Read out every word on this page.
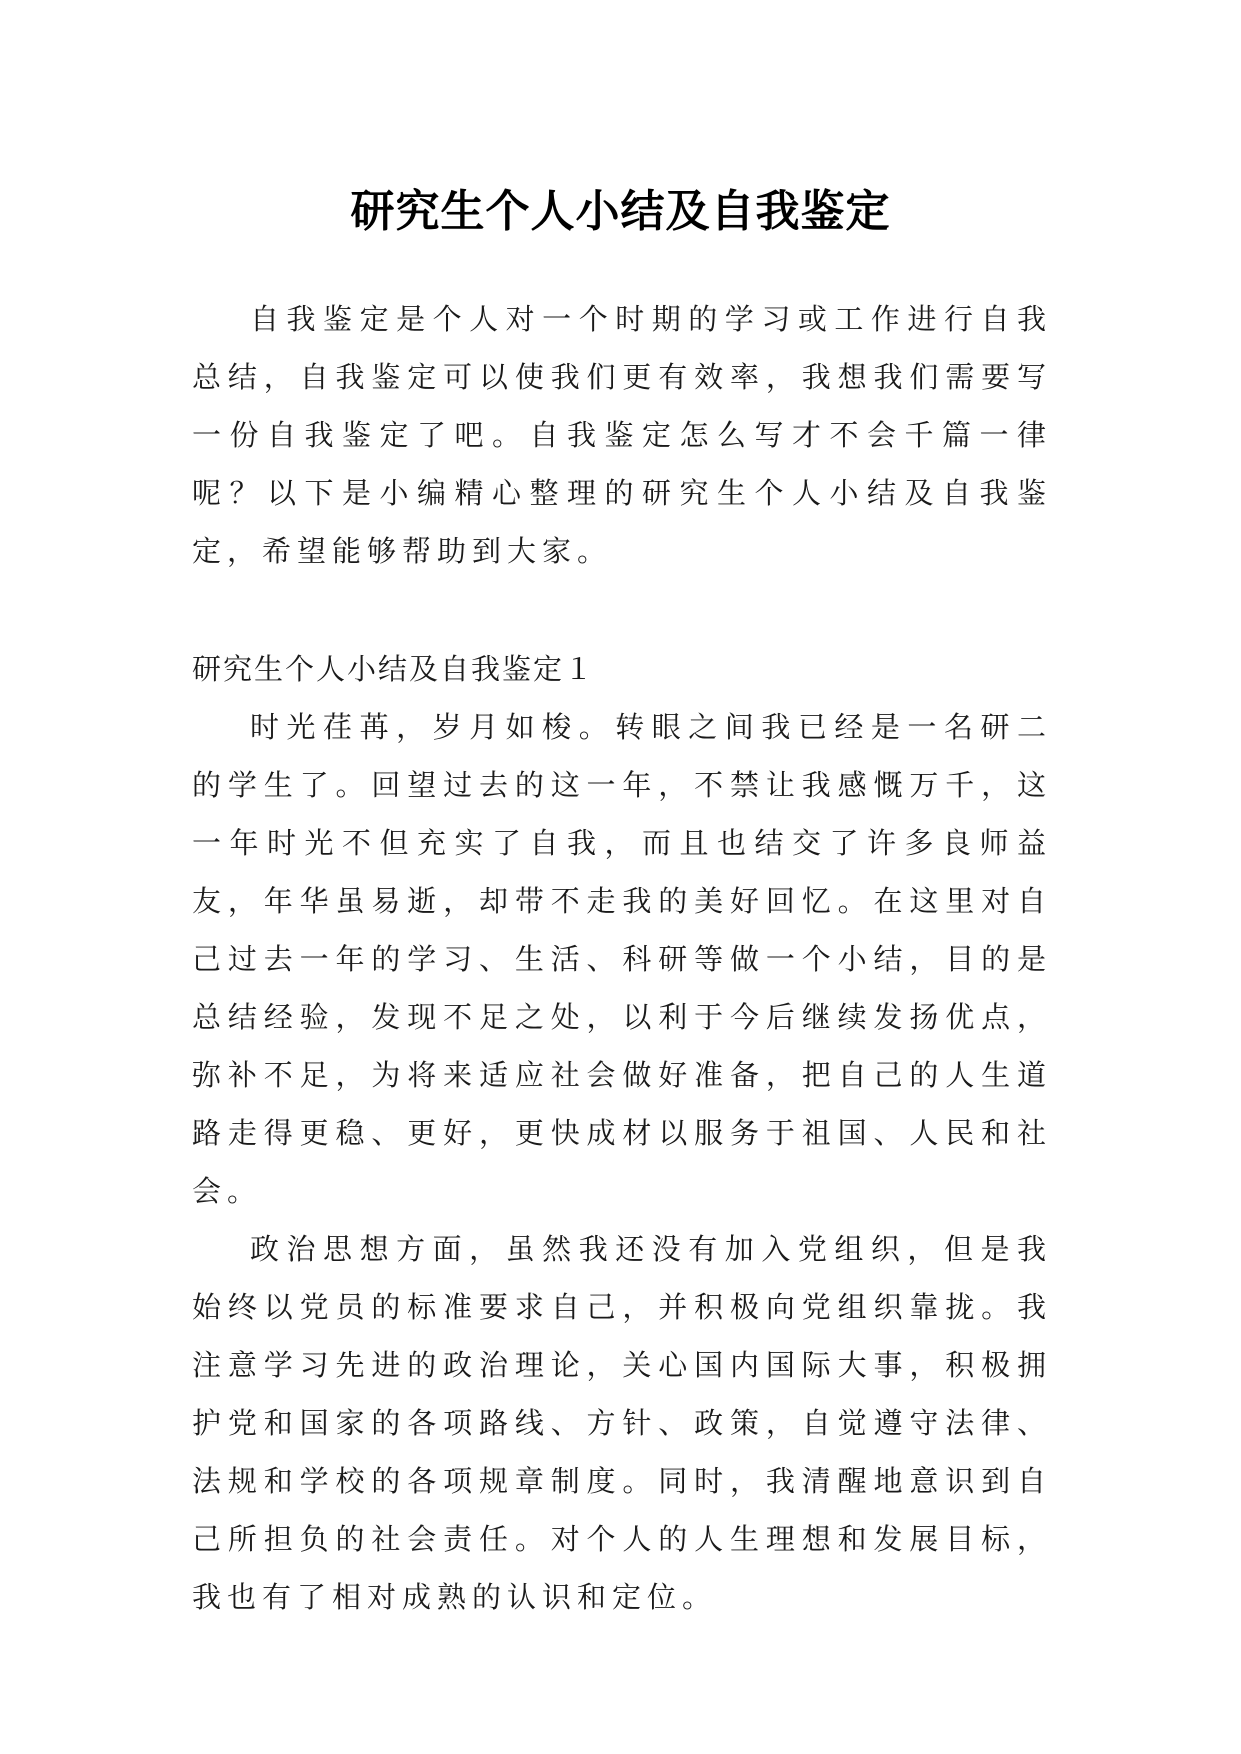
研究生个人小结及自我鉴定

自我鉴定是个人对一个时期的学习或工作进行自我总结，自我鉴定可以使我们更有效率，我想我们需要写一份自我鉴定了吧。自我鉴定怎么写才不会千篇一律呢？以下是小编精心整理的研究生个人小结及自我鉴定，希望能够帮助到大家。

研究生个人小结及自我鉴定１

时光荏苒，岁月如梭。转眼之间我已经是一名研二的学生了。回望过去的这一年，不禁让我感慨万千，这一年时光不但充实了自我，而且也结交了许多良师益友，年华虽易逝，却带不走我的美好回忆。在这里对自己过去一年的学习、生活、科研等做一个小结，目的是总结经验，发现不足之处，以利于今后继续发扬优点，弥补不足，为将来适应社会做好准备，把自己的人生道路走得更稳、更好，更快成材以服务于祖国、人民和社会。

政治思想方面，虽然我还没有加入党组织，但是我始终以党员的标准要求自己，并积极向党组织靠拢。我注意学习先进的政治理论，关心国内国际大事，积极拥护党和国家的各项路线、方针、政策，自觉遵守法律、法规和学校的各项规章制度。同时，我清醒地意识到自己所担负的社会责任。对个人的人生理想和发展目标，我也有了相对成熟的认识和定位。
